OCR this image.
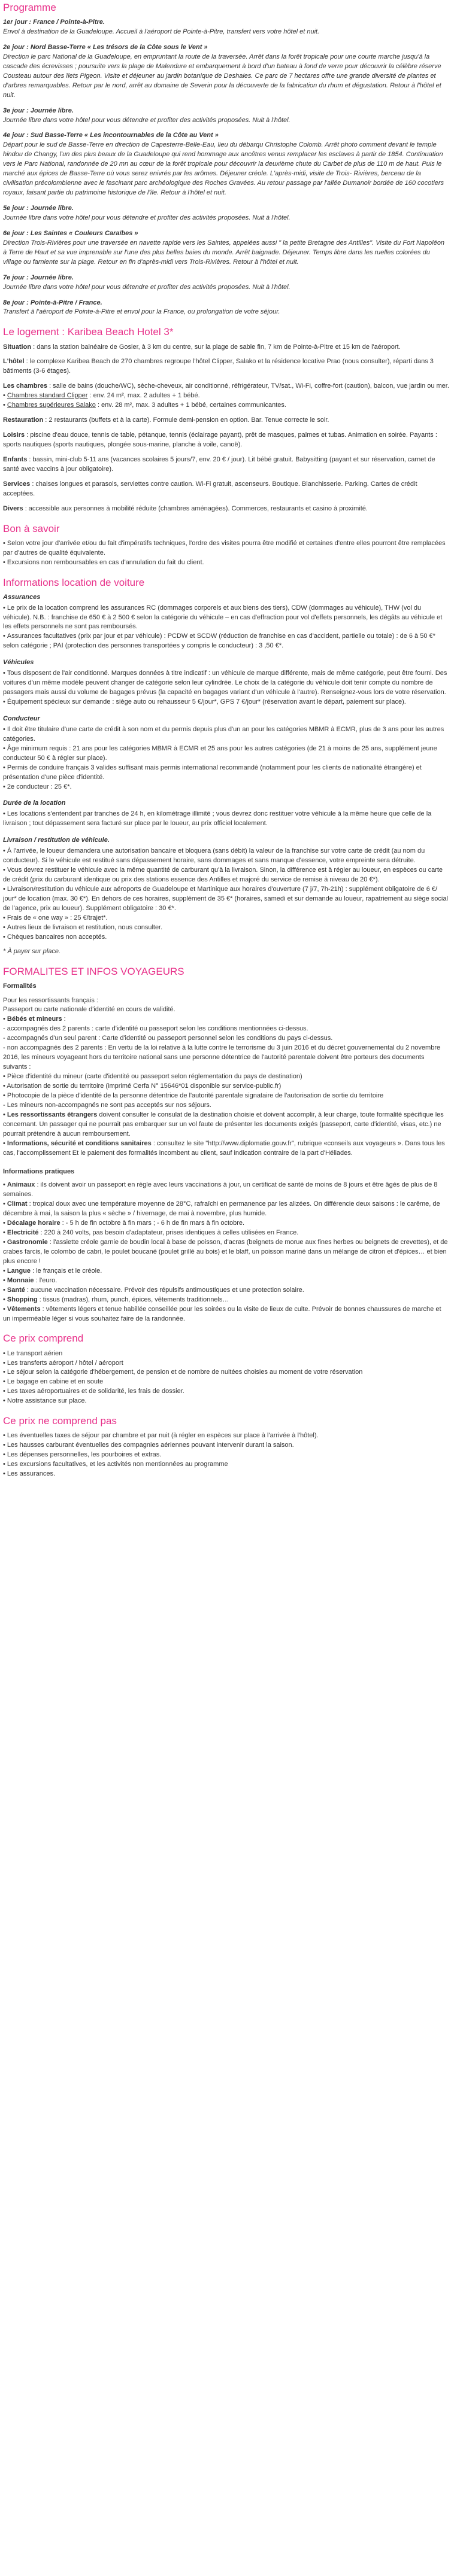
Programme
1er jour : France / Pointe-à-Pitre.
Envol à destination de la Guadeloupe. Accueil à l'aéroport de Pointe-à-Pitre, transfert vers votre hôtel et nuit.
2e jour : Nord Basse-Terre « Les trésors de la Côte sous le Vent »
Direction le parc National de la Guadeloupe, en empruntant la route de la traversée. Arrêt dans la forêt tropicale pour une courte marche jusqu'à la cascade des écrevisses ; poursuite vers la plage de Malendure et embarquement à bord d'un bateau à fond de verre pour découvrir la célèbre réserve Cousteau autour des îlets Pigeon. Visite et déjeuner au jardin botanique de Deshaies. Ce parc de 7 hectares offre une grande diversité de plantes et d'arbres remarquables. Retour par le nord, arrêt au domaine de Severin pour la découverte de la fabrication du rhum et dégustation. Retour à l'hôtel et nuit.
3e jour : Journée libre.
Journée libre dans votre hôtel pour vous détendre et profiter des activités proposées. Nuit à l'hôtel.
4e jour : Sud Basse-Terre « Les incontournables de la Côte au Vent »
Départ pour le sud de Basse-Terre en direction de Capesterre-Belle-Eau, lieu du débarqu Christophe Colomb. Arrêt photo comment devant le temple hindou de Changy, l'un des plus beaux de la Guadeloupe qui rend hommage aux ancêtres venus remplacer les esclaves à partir de 1854. Continuation vers le Parc National, randonnée de 20 mn au cœur de la forêt tropicale pour découvrir la deuxième chute du Carbet de plus de 110 m de haut. Puis le marché aux épices de Basse-Terre où vous serez enivrés par les arômes. Déjeuner créole. L'après-midi, visite de Trois- Rivières, berceau de la civilisation précolombienne avec le fascinant parc archéologique des Roches Gravées. Au retour passage par l'allée Dumanoir bordée de 160 cocotiers royaux, faisant partie du patrimoine historique de l'île. Retour à l'hôtel et nuit.
5e jour : Journée libre.
Journée libre dans votre hôtel pour vous détendre et profiter des activités proposées. Nuit à l'hôtel.
6e jour : Les Saintes « Couleurs Caraïbes »
Direction Trois-Rivières pour une traversée en navette rapide vers les Saintes, appelées aussi " la petite Bretagne des Antilles". Visite du Fort Napoléon à Terre de Haut et sa vue imprenable sur l'une des plus belles baies du monde. Arrêt baignade. Déjeuner. Temps libre dans les ruelles colorées du village ou farniente sur la plage. Retour en fin d'après-midi vers Trois-Rivières. Retour à l'hôtel et nuit.
7e jour : Journée libre.
Journée libre dans votre hôtel pour vous détendre et profiter des activités proposées. Nuit à l'hôtel.
8e jour : Pointe-à-Pitre / France.
Transfert à l'aéroport de Pointe-à-Pitre et envol pour la France, ou prolongation de votre séjour.
Le logement : Karibea Beach Hotel 3*

Situation : dans la station balnéaire de Gosier, à 3 km du centre, sur la plage de sable fin, 7 km de Pointe-à-Pitre et 15 km de l'aéroport.

L'hôtel : le complexe Karibea Beach de 270 chambres regroupe l'hôtel Clipper, Salako et la résidence locative Prao (nous consulter), réparti dans 3 bâtiments (3-6 étages).

Les chambres : salle de bains (douche/WC), sèche-cheveux, air conditionné, réfrigérateur, TV/sat., Wi-Fi, coffre-fort (caution), balcon, vue jardin ou mer.
• Chambres standard Clipper : env. 24 m², max. 2 adultes + 1 bébé.
• Chambres supérieures Salako : env. 28 m², max. 3 adultes + 1 bébé, certaines communicantes.

Restauration : 2 restaurants (buffets et à la carte). Formule demi-pension en option. Bar. Tenue correcte le soir.

Loisirs : piscine d'eau douce, tennis de table, pétanque, tennis (éclairage payant), prêt de masques, palmes et tubas. Animation en soirée. Payants : sports nautiques (sports nautiques, plongée sous-marine, planche à voile, canoë).

Enfants : bassin, mini-club 5-11 ans (vacances scolaires 5 jours/7, env. 20 € / jour). Lit bébé gratuit. Babysitting (payant et sur réservation, carnet de santé avec vaccins à jour obligatoire).

Services : chaises longues et parasols, serviettes contre caution. Wi-Fi gratuit, ascenseurs. Boutique. Blanchisserie. Parking. Cartes de crédit acceptées.

Divers : accessible aux personnes à mobilité réduite (chambres aménagées). Commerces, restaurants et casino à proximité.

Bon à savoir
• Selon votre jour d'arrivée et/ou du fait d'impératifs techniques, l'ordre des visites pourra être modifié et certaines d'entre elles pourront être remplacées par d'autres de qualité équivalente.
• Excursions non remboursables en cas d'annulation du fait du client.
Informations location de voiture
Assurances
• Le prix de la location comprend les assurances RC (dommages corporels et aux biens des tiers), CDW (dommages au véhicule), THW (vol du véhicule). N.B. : franchise de 650 € à 2 500 € selon la catégorie du véhicule – en cas d'effraction pour vol d'effets personnels, les dégâts au véhicule et les effets personnels ne sont pas remboursés.
• Assurances facultatives (prix par jour et par véhicule) : PCDW et SCDW (réduction de franchise en cas d'accident, partielle ou totale) : de 6 à 50 €* selon catégorie ; PAI (protection des personnes transportées y compris le conducteur) : 3 ,50 €*.
Véhicules
• Tous disposent de l'air conditionné. Marques données à titre indicatif : un véhicule de marque différente, mais de même catégorie, peut être fourni. Des voitures d'un même modèle peuvent changer de catégorie selon leur cylindrée. Le choix de la catégorie du véhicule doit tenir compte du nombre de passagers mais aussi du volume de bagages prévus (la capacité en bagages variant d'un véhicule à l'autre). Renseignez-vous lors de votre réservation.
• Équipement spécieux sur demande : siège auto ou rehausseur 5 €/jour*, GPS 7 €/jour* (réservation avant le départ, paiement sur place).
Conducteur
• Il doit être titulaire d'une carte de crédit à son nom et du permis depuis plus d'un an pour les catégories MBMR à ECMR, plus de 3 ans pour les autres catégories.
• Âge minimum requis : 21 ans pour les catégories MBMR à ECMR et 25 ans pour les autres catégories (de 21 à moins de 25 ans, supplément jeune conducteur 50 € à régler sur place).
• Permis de conduire français 3 valides suffisant mais permis international recommandé (notamment pour les clients de nationalité étrangère) et présentation d'une pièce d'identité.
• 2e conducteur : 25 €*.
Durée de la location
• Les locations s'entendent par tranches de 24 h, en kilométrage illimité ; vous devrez donc restituer votre véhicule à la même heure que celle de la livraison ; tout dépassement sera facturé sur place par le loueur, au prix officiel localement.
Livraison / restitution de véhicule.
• À l'arrivée, le loueur demandera une autorisation bancaire et bloquera (sans débit) la valeur de la franchise sur votre carte de crédit (au nom du conducteur). Si le véhicule est restitué sans dépassement horaire, sans dommages et sans manque d'essence, votre empreinte sera détruite.
• Vous devrez restituer le véhicule avec la même quantité de carburant qu'à la livraison. Sinon, la différence est à régler au loueur, en espèces ou carte de crédit (prix du carburant identique ou prix des stations essence des Antilles et majoré du service de remise à niveau de 20 €*).
• Livraison/restitution du véhicule aux aéroports de Guadeloupe et Martinique aux horaires d'ouverture (7 j/7, 7h-21h) : supplément obligatoire de 6 €/ jour* de location (max. 30 €*). En dehors de ces horaires, supplément de 35 €* (horaires, samedi et sur demande au loueur, rapatriement au siège social de l'agence, prix au loueur). Supplément obligatoire : 30 €*.
• Frais de « one way » : 25 €/trajet*.
• Autres lieux de livraison et restitution, nous consulter.
• Chèques bancaires non acceptés.
* À payer sur place.
FORMALITES ET INFOS VOYAGEURS
Formalités
Pour les ressortissants français :
Passeport ou carte nationale d'identité en cours de validité.
• Bébés et mineurs :
- accompagnés des 2 parents : carte d'identité ou passeport selon les conditions mentionnées ci-dessus.
- accompagnés d'un seul parent : Carte d'identité ou passeport personnel selon les conditions du pays ci-dessus.
- non accompagnés des 2 parents : En vertu de la loi relative à la lutte contre le terrorisme du 3 juin 2016 et du décret gouvernemental du 2 novembre 2016, les mineurs voyageant hors du territoire national sans une personne détentrice de l'autorité parentale doivent être porteurs des documents suivants :
• Pièce d'identité du mineur (carte d'identité ou passeport selon réglementation du pays de destination)
• Autorisation de sortie du territoire (imprimé Cerfa N° 15646*01 disponible sur service-public.fr)
• Photocopie de la pièce d'identité de la personne détentrice de l'autorité parentale signataire de l'autorisation de sortie du territoire
- Les mineurs non-accompagnés ne sont pas acceptés sur nos séjours.
• Les ressortissants étrangers doivent consulter le consulat de la destination choisie et doivent accomplir, à leur charge, toute formalité spécifique les concernant. Un passager qui ne pourrait pas embarquer sur un vol faute de présenter les documents exigés (passeport, carte d'identité, visas, etc.) ne pourrait prétendre à aucun remboursement.
• Informations, sécurité et conditions sanitaires : consultez le site "http://www.diplomatie.gouv.fr", rubrique «conseils aux voyageurs ». Dans tous les cas, l'accomplissement Et le paiement des formalités incombent au client, sauf indication contraire de la part d'Héliades.
Informations pratiques
• Animaux : ils doivent avoir un passeport en règle avec leurs vaccinations à jour, un certificat de santé de moins de 8 jours et être âgés de plus de 8 semaines.
• Climat : tropical doux avec une température moyenne de 28°C, rafraîchi en permanence par les alizées. On différencie deux saisons : le carême, de décembre à mai, la saison la plus « sèche » / hivernage, de mai à novembre, plus humide.
• Décalage horaire : - 5 h de fin octobre à fin mars ; - 6 h de fin mars à fin octobre.
• Electricité : 220 à 240 volts, pas besoin d'adaptateur, prises identiques à celles utilisées en France.
• Gastronomie : l'assiette créole garnie de boudin local à base de poisson, d'acras (beignets de morue aux fines herbes ou beignets de crevettes), et de crabes farcis, le colombo de cabri, le poulet boucané (poulet grillé au bois) et le blaff, un poisson mariné dans un mélange de citron et d'épices… et bien plus encore !
• Langue : le français et le créole.
• Monnaie : l'euro.
• Santé : aucune vaccination nécessaire. Prévoir des répulsifs antimoustiques et une protection solaire.
• Shopping : tissus (madras), rhum, punch, épices, vêtements traditionnels…
• Vêtements : vêtements légers et tenue habillée conseillée pour les soirées ou la visite de lieux de culte. Prévoir de bonnes chaussures de marche et un imperméable léger si vous souhaitez faire de la randonnée.
Ce prix comprend
• Le transport aérien
• Les transferts aéroport / hôtel / aéroport
• Le séjour selon la catégorie d'hébergement, de pension et de nombre de nuitées choisies au moment de votre réservation
• Le bagage en cabine et en soute
• Les taxes aéroportuaires et de solidarité, les frais de dossier.
• Notre assistance sur place.
Ce prix ne comprend pas
• Les éventuelles taxes de séjour par chambre et par nuit (à régler en espèces sur place à l'arrivée à l'hôtel).
• Les hausses carburant éventuelles des compagnies aériennes pouvant intervenir durant la saison.
• Les dépenses personnelles, les pourboires et extras.
• Les excursions facultatives, et les activités non mentionnées au programme
• Les assurances.
